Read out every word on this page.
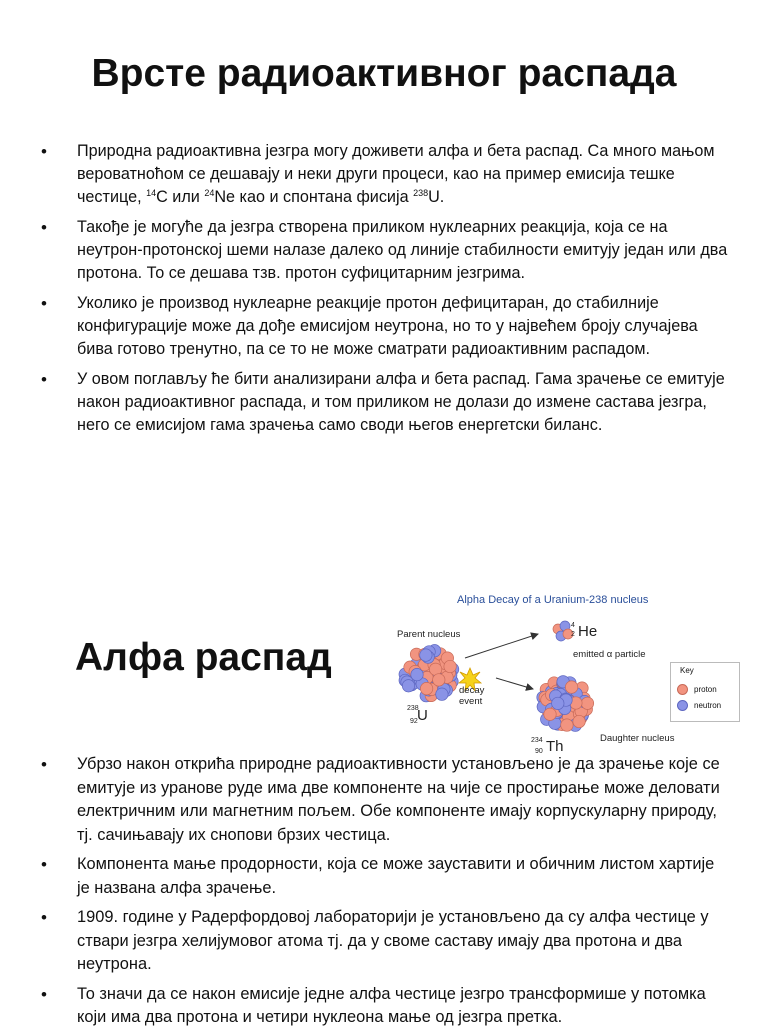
Врсте радиоактивног распада
• Природна радиоактивна језгра могу доживети алфа и бета распад. Са много мањом вероватноћом се дешавају и неки други процеси, као на пример емисија тешке честице, $^{14}$C или $^{24}$Ne као и спонтана фисија $^{238}$U.
• Такође је могуће да језгра створена приликом нуклеарних реакција, која се на неутрон-протонској шеми налазе далеко од линије стабилности емитују један или два протона. То се дешава тзв. протон суфицитарним језгрима.
• Уколико је производ нуклеарне реакције протон дефицитаран, до стабилније конфигурације може да дође емисијом неутрона, но то у највећем броју случајева бива готово тренутно, па се то не може сматрати радиоактивним распадом.
• У овом поглављу ће бити анализирани алфа и бета распад. Гама зрачење се емитује након радиоактивног распада, и том приликом не долази до измене састава језгра, него се емисијом гама зрачења само своди његов енергетски биланс.
Алфа распад
Alpha Decay of a Uranium-238 nucleus
Parent nucleus
decay
event
238
92 U
4
2 He
emitted α particle
234
90 Th	Daughter nucleus
Key
proton
neutron
• Убрзо након открића природне радиоактивности установљено је да зрачење које се емитује из уранове руде има две компоненте на чије се простирање може деловати електричним или магнетним пољем. Обе компоненте имају корпускуларну природу, тј. сачињавају их снопови брзих честица.
• Компонента мање продорности, која се може зауставити и обичним листом хартије је названа алфа зрачење.
• 1909. године у Радерфордовој лабораторији је установљено да су алфа честице у ствари језгра хелијумовог атома тј. да у своме саставу имају два протона и два неутрона.
• То значи да се након емисије једне алфа честице језгро трансформише у потомка који има два протона и четири нуклеона мање од језгра претка.
